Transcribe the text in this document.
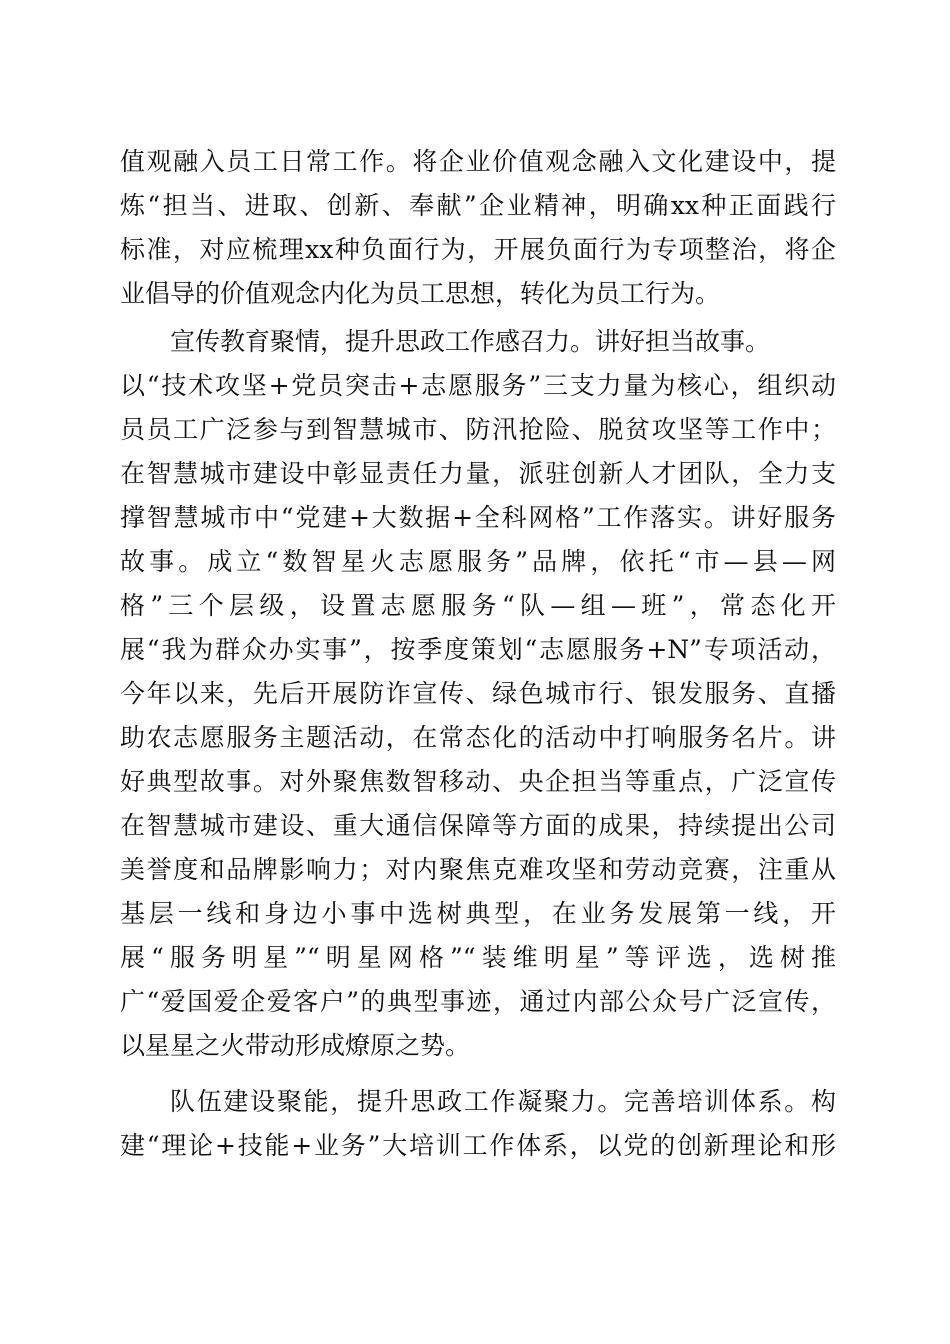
值观融入员工日常工作。将企业价值观念融入文化建设中，提
炼“担当、进取、创新、奉献”企业精神，明确xx种正面践行
标准，对应梳理xx种负面行为，开展负面行为专项整治，将企
业倡导的价值观念内化为员工思想，转化为员工行为。
宣传教育聚情，提升思政工作感召力。讲好担当故事。
以“技术攻坚+党员突击+志愿服务”三支力量为核心，组织动
员员工广泛参与到智慧城市、防汛抢险、脱贫攻坚等工作中；
在智慧城市建设中彰显责任力量，派驻创新人才团队，全力支
撑智慧城市中“党建+大数据+全科网格”工作落实。讲好服务
故事。成立“数智星火志愿服务”品牌，依托“市—县—网
格”三个层级，设置志愿服务“队—组—班”，常态化开
展“我为群众办实事”，按季度策划“志愿服务+N”专项活动，
今年以来，先后开展防诈宣传、绿色城市行、银发服务、直播
助农志愿服务主题活动，在常态化的活动中打响服务名片。讲
好典型故事。对外聚焦数智移动、央企担当等重点，广泛宣传
在智慧城市建设、重大通信保障等方面的成果，持续提出公司
美誉度和品牌影响力；对内聚焦克难攻坚和劳动竞赛，注重从
基层一线和身边小事中选树典型，在业务发展第一线，开
展“服务明星”“明星网格”“装维明星”等评选，选树推
广“爱国爱企爱客户”的典型事迹，通过内部公众号广泛宣传，
以星星之火带动形成燎原之势。
队伍建设聚能，提升思政工作凝聚力。完善培训体系。构
建“理论+技能+业务”大培训工作体系，以党的创新理论和形
